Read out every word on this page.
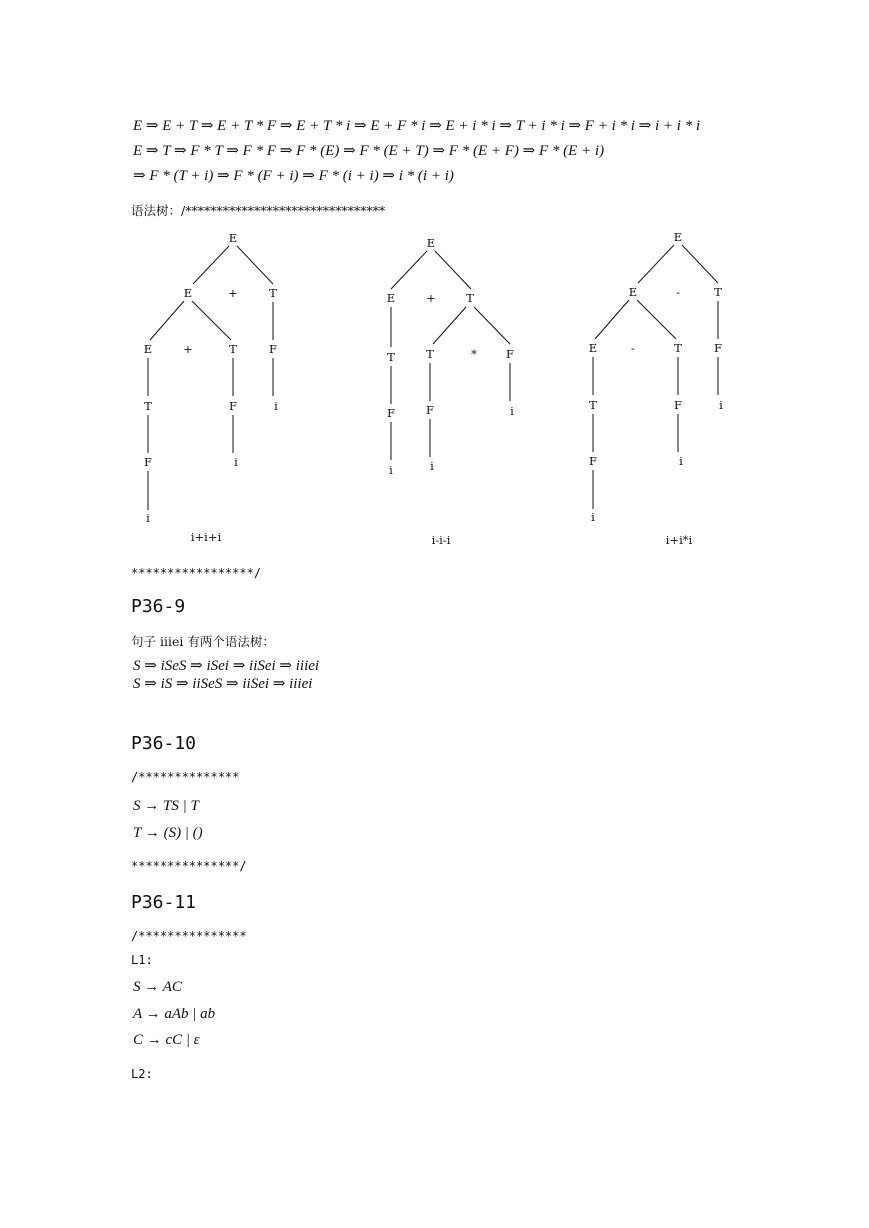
E ⇒ E + T ⇒ E + T * F ⇒ E + T * i ⇒ E + F * i ⇒ E + i * i ⇒ T + i * i ⇒ F + i * i ⇒ i + i * i
E ⇒ T ⇒ F * T ⇒ F * F ⇒ F * (E) ⇒ F * (E + T) ⇒ F * (E + F) ⇒ F * (E + i)
⇒ F * (T + i) ⇒ F * (F + i) ⇒ F * (i + i) ⇒ i * (i + i)
语法树：/********************************
E
E	+	T
E	+	T	F
T	F	i
F	i
i
i+i+i
E
E	+	T
T	T	*	F
F	F	i
i	i
i-i-i
E
E	-	T
E	-	T	F
T	F	i
F	i
i
i+i*i
*****************/
P36-9
句子 iiiei 有两个语法树：
S ⇒ iSeS ⇒ iSei ⇒ iiSei ⇒ iiiei
S ⇒ iS ⇒ iiSeS ⇒ iiSei ⇒ iiiei
P36-10
/**************
S → TS | T
T → (S) | ()
***************/
P36-11
/***************
L1:
S → AC
A → aAb | ab
C → cC | ε
L2:
